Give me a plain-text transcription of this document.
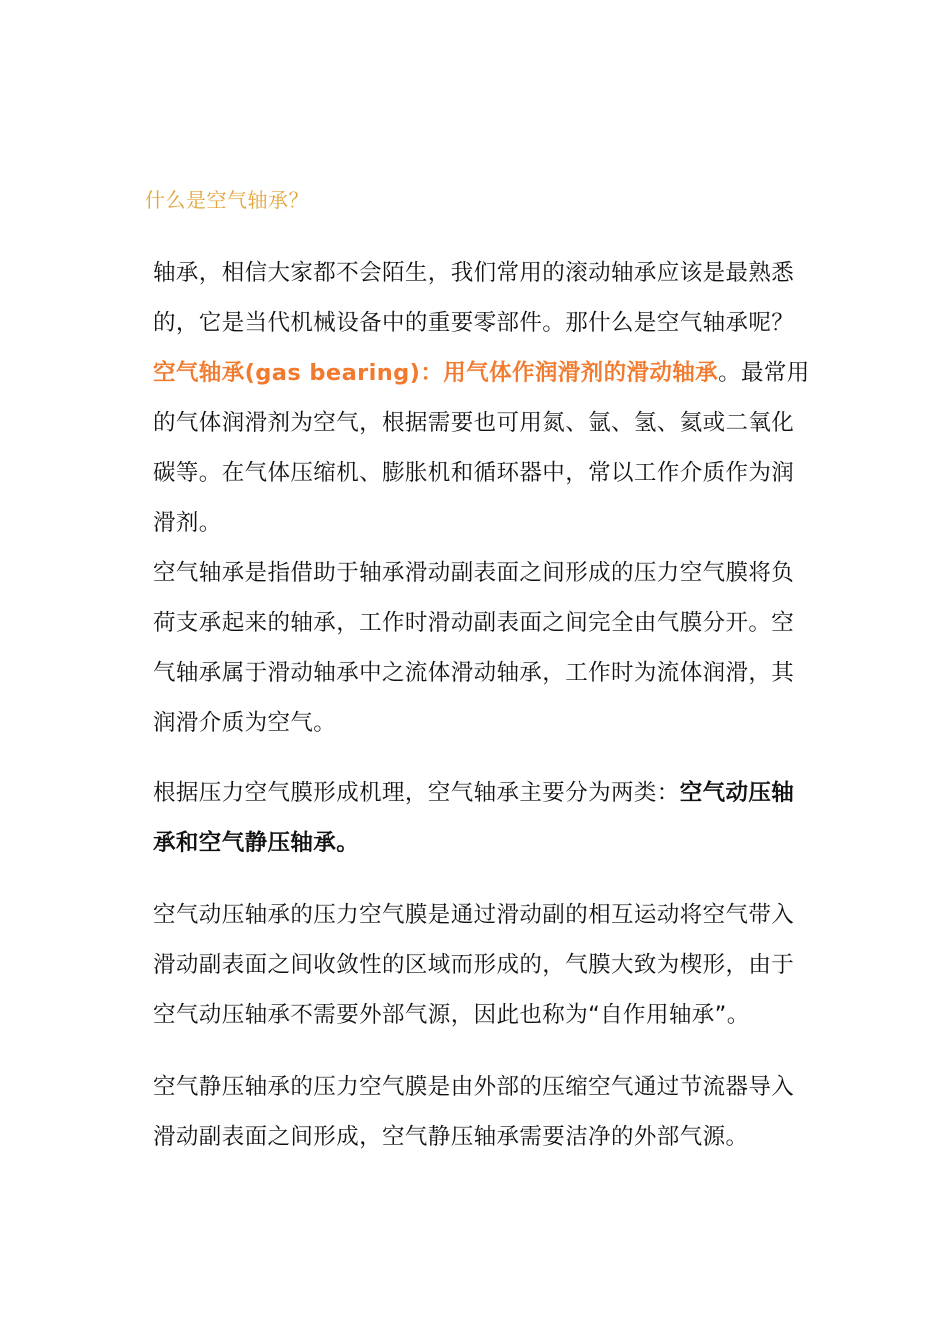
什么是空气轴承？
轴承，相信大家都不会陌生，我们常用的滚动轴承应该是最熟悉
的，它是当代机械设备中的重要零部件。那什么是空气轴承呢？
空气轴承(gas bearing)：用气体作润滑剂的滑动轴承。最常用
的气体润滑剂为空气，根据需要也可用氮、氩、氢、氦或二氧化
碳等。在气体压缩机、膨胀机和循环器中，常以工作介质作为润
滑剂。
空气轴承是指借助于轴承滑动副表面之间形成的压力空气膜将负
荷支承起来的轴承，工作时滑动副表面之间完全由气膜分开。空
气轴承属于滑动轴承中之流体滑动轴承，工作时为流体润滑，其
润滑介质为空气。
根据压力空气膜形成机理，空气轴承主要分为两类：空气动压轴
承和空气静压轴承。
空气动压轴承的压力空气膜是通过滑动副的相互运动将空气带入
滑动副表面之间收敛性的区域而形成的，气膜大致为楔形，由于
空气动压轴承不需要外部气源，因此也称为“自作用轴承”。
空气静压轴承的压力空气膜是由外部的压缩空气通过节流器导入
滑动副表面之间形成，空气静压轴承需要洁净的外部气源。
